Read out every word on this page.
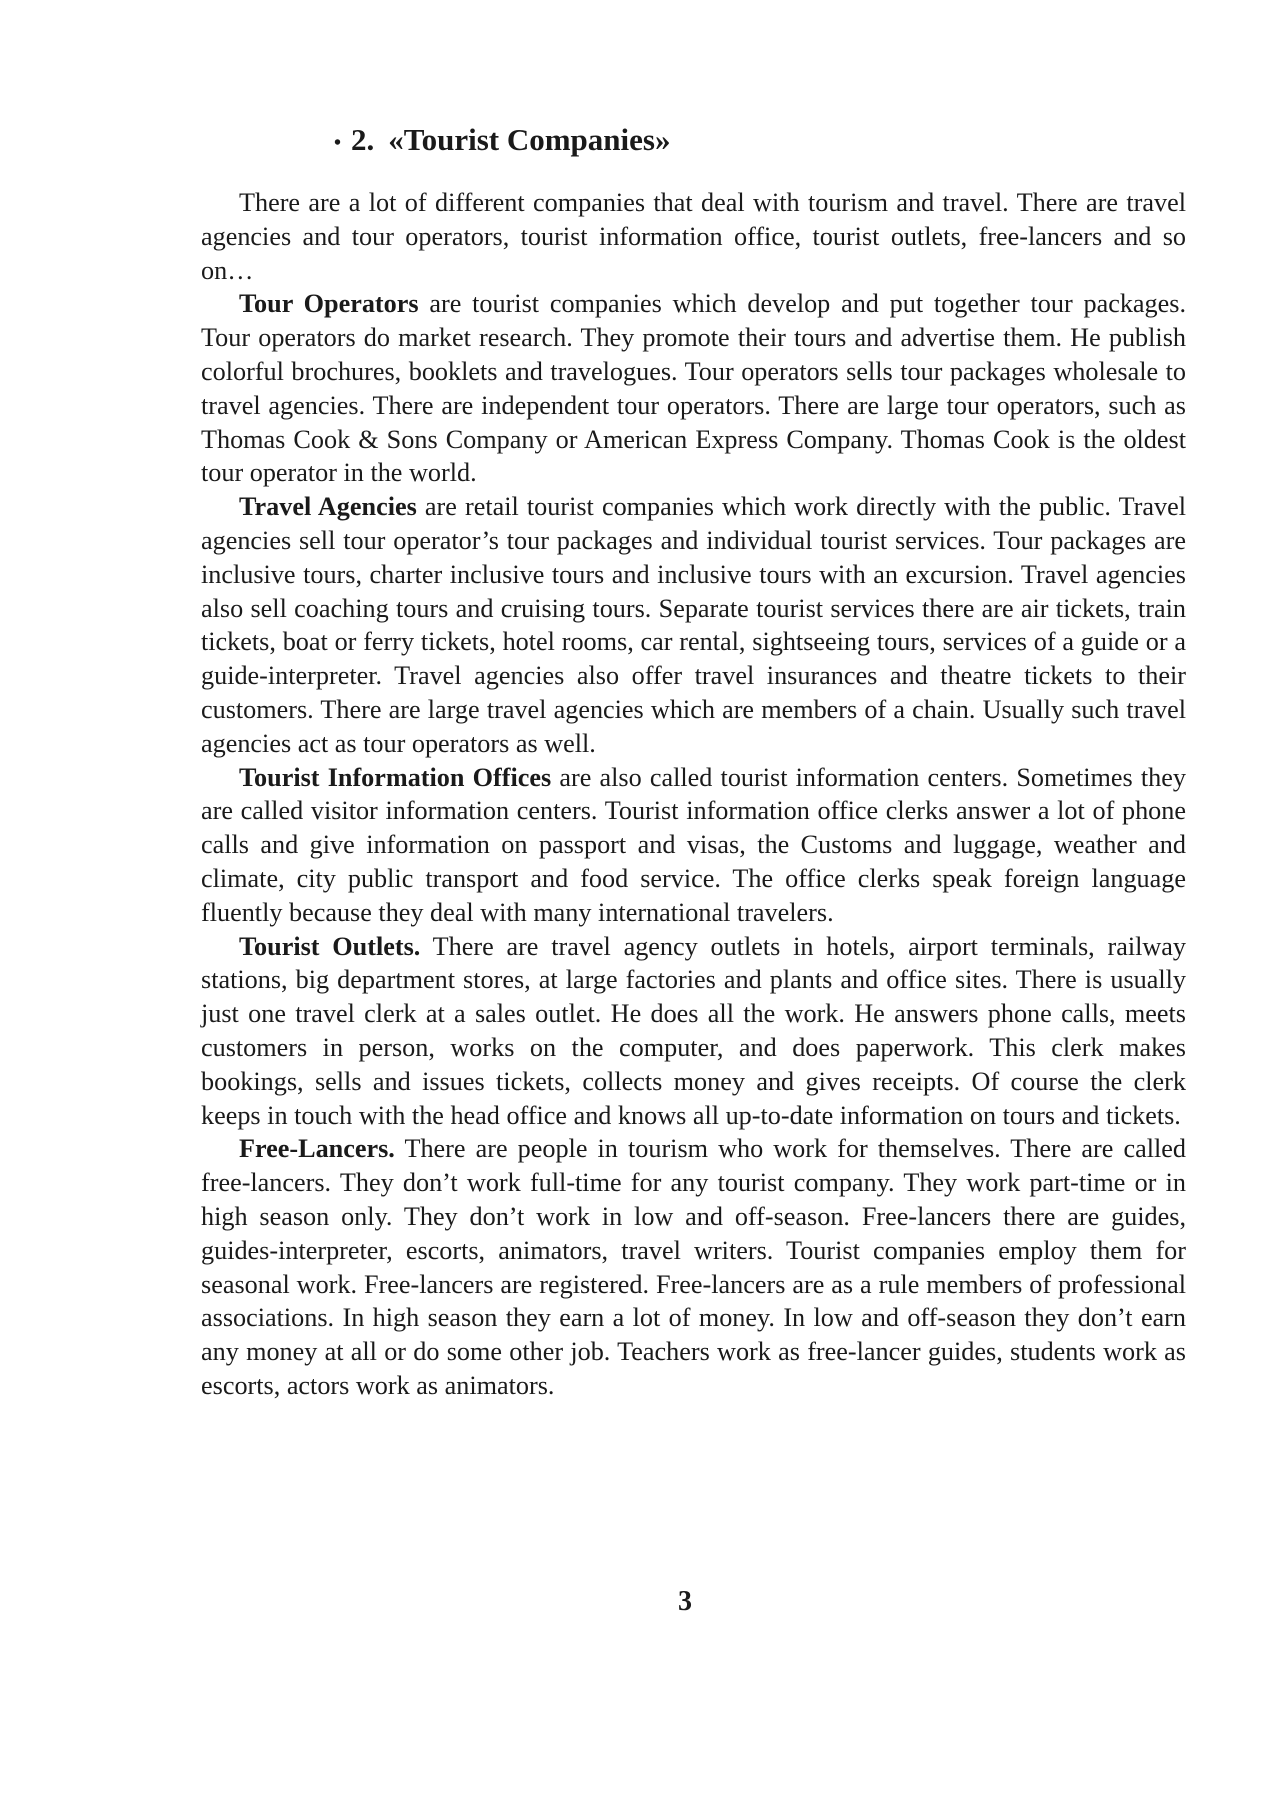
• 2. «Tourist Companies»

There are a lot of different companies that deal with tourism and travel. There are travel agencies and tour operators, tourist information office, tourist outlets, free-lancers and so on…

Tour Operators are tourist companies which develop and put together tour packages. Tour operators do market research. They promote their tours and advertise them. He publish colorful brochures, booklets and travelogues. Tour operators sells tour packages wholesale to travel agencies. There are independent tour operators. There are large tour operators, such as Thomas Cook & Sons Company or American Express Company. Thomas Cook is the oldest tour operator in the world.

Travel Agencies are retail tourist companies which work directly with the public. Travel agencies sell tour operator’s tour packages and individual tourist services. Tour packages are inclusive tours, charter inclusive tours and inclusive tours with an excursion. Travel agencies also sell coaching tours and cruising tours. Separate tourist services there are air tickets, train tickets, boat or ferry tickets, hotel rooms, car rental, sightseeing tours, services of a guide or a guide-interpreter. Travel agencies also offer travel insurances and theatre tickets to their customers. There are large travel agencies which are members of a chain. Usually such travel agencies act as tour operators as well.

Tourist Information Offices are also called tourist information centers. Sometimes they are called visitor information centers. Tourist information office clerks answer a lot of phone calls and give information on passport and visas, the Customs and luggage, weather and climate, city public transport and food service. The office clerks speak foreign language fluently because they deal with many international travelers.

Tourist Outlets. There are travel agency outlets in hotels, airport terminals, railway stations, big department stores, at large factories and plants and office sites. There is usually just one travel clerk at a sales outlet. He does all the work. He answers phone calls, meets customers in person, works on the computer, and does paperwork. This clerk makes bookings, sells and issues tickets, collects money and gives receipts. Of course the clerk keeps in touch with the head office and knows all up-to-date information on tours and tickets.

Free-Lancers. There are people in tourism who work for themselves. There are called free-lancers. They don’t work full-time for any tourist company. They work part-time or in high season only. They don’t work in low and off-season. Free-lancers there are guides, guides-interpreter, escorts, animators, travel writers. Tourist companies employ them for seasonal work. Free-lancers are registered. Free-lancers are as a rule members of professional associations. In high season they earn a lot of money. In low and off-season they don’t earn any money at all or do some other job. Teachers work as free-lancer guides, students work as escorts, actors work as animators.

3
